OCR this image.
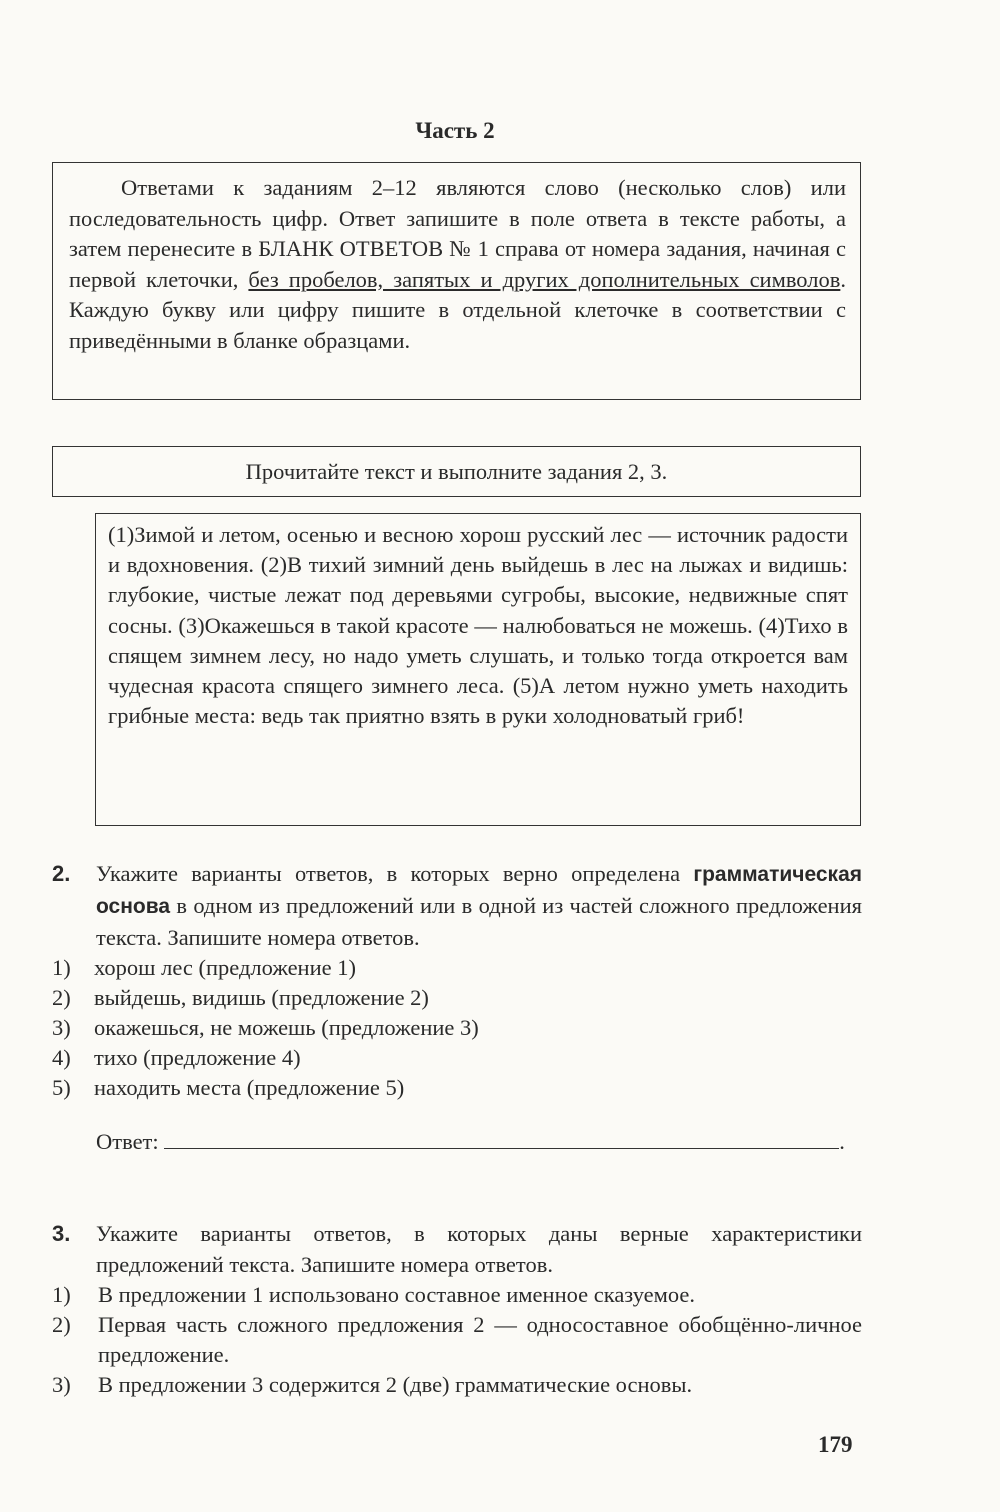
Часть 2

Ответами к заданиям 2–12 являются слово (несколько слов) или последовательность цифр. Ответ запишите в поле ответа в тексте работы, а затем перенесите в БЛАНК ОТВЕТОВ № 1 справа от номера задания, начиная с первой клеточки, без пробелов, запятых и других дополнительных символов. Каждую букву или цифру пишите в отдельной клеточке в соответствии с приведёнными в бланке образцами.

Прочитайте текст и выполните задания 2, 3.

(1)Зимой и летом, осенью и весною хорош русский лес — источник радости и вдохновения. (2)В тихий зимний день выйдешь в лес на лыжах и видишь: глубокие, чистые лежат под деревьями сугробы, высокие, недвижные спят сосны. (3)Окажешься в такой красоте — налюбоваться не можешь. (4)Тихо в спящем зимнем лесу, но надо уметь слушать, и только тогда откроется вам чудесная красота спящего зимнего леса. (5)А летом нужно уметь находить грибные места: ведь так приятно взять в руки холодноватый гриб!

2.	Укажите варианты ответов, в которых верно определена грамматическая основа в одном из предложений или в одной из частей сложного предложения текста. Запишите номера ответов.

1) хорош лес (предложение 1)
2) выйдешь, видишь (предложение 2)
3) окажешься, не можешь (предложение 3)
4) тихо (предложение 4)
5) находить места (предложение 5)
Ответ:	.
3.	Укажите варианты ответов, в которых даны верные характеристики предложений текста. Запишите номера ответов.

1)	В предложении 1 использовано составное именное сказуемое.
2)	Первая часть сложного предложения 2 — односоставное обобщённо-личное предложение.
3)	В предложении 3 содержится 2 (две) грамматические основы.
179
